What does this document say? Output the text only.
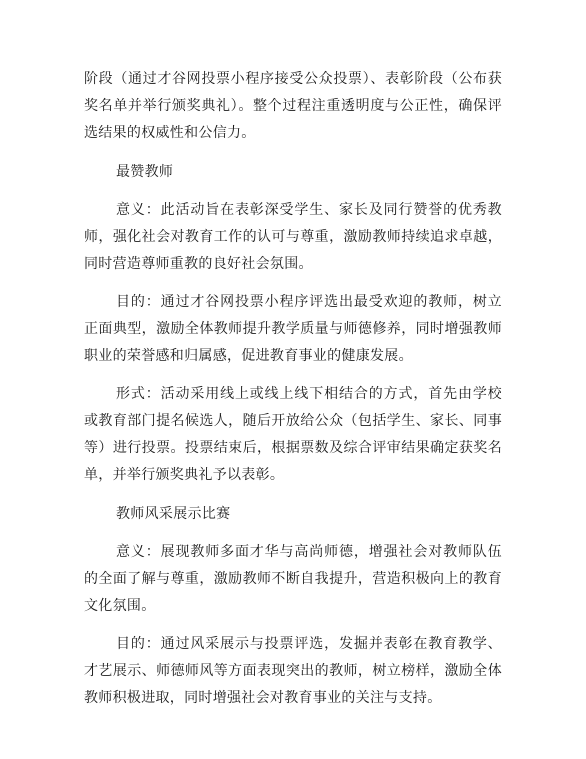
阶段（通过才谷网投票小程序接受公众投票）、表彰阶段（公布获奖名单并举行颁奖典礼）。整个过程注重透明度与公正性，确保评选结果的权威性和公信力。

最赞教师

意义：此活动旨在表彰深受学生、家长及同行赞誉的优秀教师，强化社会对教育工作的认可与尊重，激励教师持续追求卓越，同时营造尊师重教的良好社会氛围。

目的：通过才谷网投票小程序评选出最受欢迎的教师，树立正面典型，激励全体教师提升教学质量与师德修养，同时增强教师职业的荣誉感和归属感，促进教育事业的健康发展。

形式：活动采用线上或线上线下相结合的方式，首先由学校或教育部门提名候选人，随后开放给公众（包括学生、家长、同事等）进行投票。投票结束后，根据票数及综合评审结果确定获奖名单，并举行颁奖典礼予以表彰。

教师风采展示比赛

意义：展现教师多面才华与高尚师德，增强社会对教师队伍的全面了解与尊重，激励教师不断自我提升，营造积极向上的教育文化氛围。

目的：通过风采展示与投票评选，发掘并表彰在教育教学、才艺展示、师德师风等方面表现突出的教师，树立榜样，激励全体教师积极进取，同时增强社会对教育事业的关注与支持。
